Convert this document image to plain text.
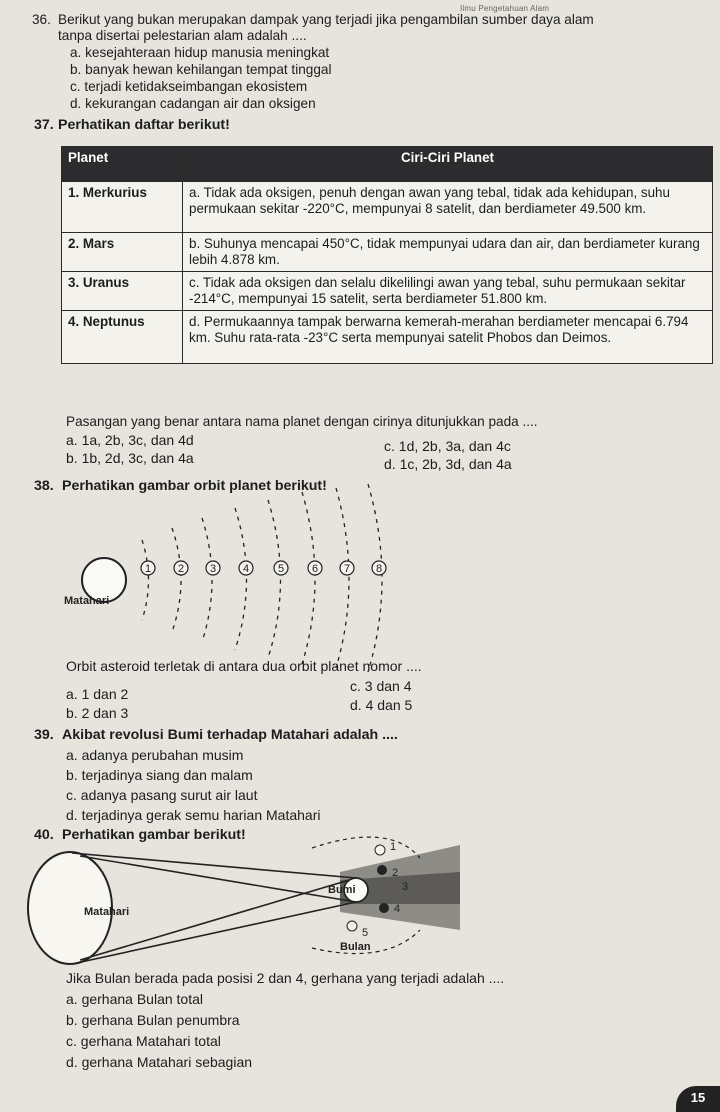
Ilmu Pengetahuan Alam
36. Berikut yang bukan merupakan dampak yang terjadi jika pengambilan sumber daya alam
tanpa disertai pelestarian alam adalah ....
a. kesejahteraan hidup manusia meningkat
b. banyak hewan kehilangan tempat tinggal
c. terjadi ketidakseimbangan ekosistem
d. kekurangan cadangan air dan oksigen
37. Perhatikan daftar berikut!
Planet	Ciri-Ciri Planet
1. Merkurius	a. Tidak ada oksigen, penuh dengan awan yang tebal, tidak ada kehidupan, suhu permukaan sekitar -220°C, mempunyai 8 satelit, dan berdiameter 49.500 km.
2. Mars	b. Suhunya mencapai 450°C, tidak mempunyai udara dan air, dan berdiameter kurang lebih 4.878 km.
3. Uranus	c. Tidak ada oksigen dan selalu dikelilingi awan yang tebal, suhu permukaan sekitar -214°C, mempunyai 15 satelit, serta berdiameter 51.800 km.
4. Neptunus	d. Permukaannya tampak berwarna kemerah-merahan berdiameter mencapai 6.794 km. Suhu rata-rata -23°C serta mempunyai satelit Phobos dan Deimos.
Pasangan yang benar antara nama planet dengan cirinya ditunjukkan pada ....
a. 1a, 2b, 3c, dan 4d
b. 1b, 2d, 3c, dan 4a
c. 1d, 2b, 3a, dan 4c
d. 1c, 2b, 3d, dan 4a
38. Perhatikan gambar orbit planet berikut!
1 2 3 4	5	6 7 8
Matahari
1
2
3
4
5
Bumi
Bulan
Matahari
Orbit asteroid terletak di antara dua orbit planet nomor ....
a. 1 dan 2
b. 2 dan 3
c. 3 dan 4
d. 4 dan 5
39. Akibat revolusi Bumi terhadap Matahari adalah ....
a. adanya perubahan musim
b. terjadinya siang dan malam
c. adanya pasang surut air laut
d. terjadinya gerak semu harian Matahari
40. Perhatikan gambar berikut!
Jika Bulan berada pada posisi 2 dan 4, gerhana yang terjadi adalah ....
a. gerhana Bulan total
b. gerhana Bulan penumbra
c. gerhana Matahari total
d. gerhana Matahari sebagian
15
